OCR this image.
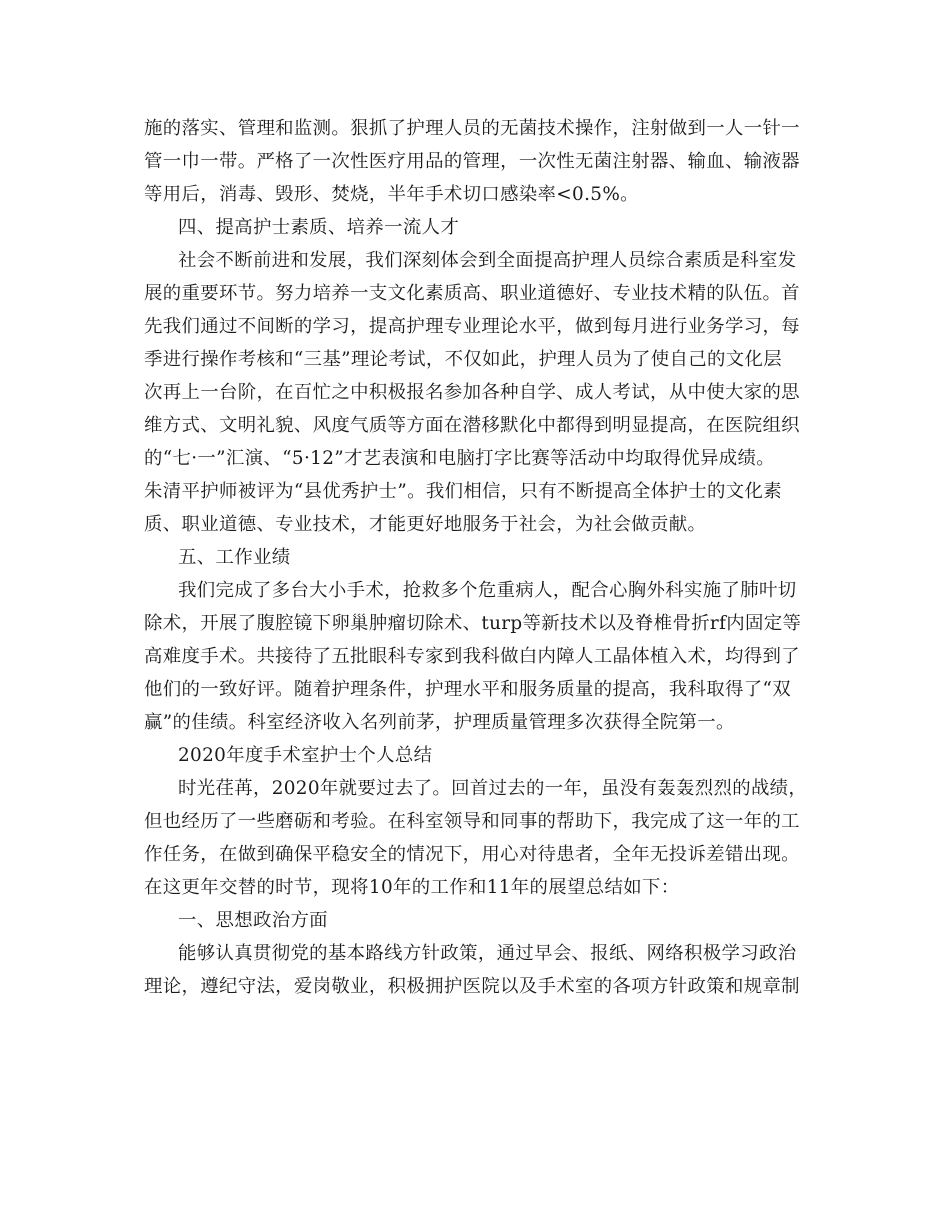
施的落实、管理和监测。狠抓了护理人员的无菌技术操作，注射做到一人一针一
管一巾一带。严格了一次性医疗用品的管理，一次性无菌注射器、输血、输液器
等用后，消毒、毁形、焚烧，半年手术切口感染率<0.5%。
四、提高护士素质、培养一流人才
社会不断前进和发展，我们深刻体会到全面提高护理人员综合素质是科室发
展的重要环节。努力培养一支文化素质高、职业道德好、专业技术精的队伍。首
先我们通过不间断的学习，提高护理专业理论水平，做到每月进行业务学习，每
季进行操作考核和“三基”理论考试，不仅如此，护理人员为了使自己的文化层
次再上一台阶，在百忙之中积极报名参加各种自学、成人考试，从中使大家的思
维方式、文明礼貌、风度气质等方面在潜移默化中都得到明显提高，在医院组织
的“七·一”汇演、“5·12”才艺表演和电脑打字比赛等活动中均取得优异成绩。
朱清平护师被评为“县优秀护士”。我们相信，只有不断提高全体护士的文化素
质、职业道德、专业技术，才能更好地服务于社会，为社会做贡献。
五、工作业绩
我们完成了多台大小手术，抢救多个危重病人，配合心胸外科实施了肺叶切
除术，开展了腹腔镜下卵巢肿瘤切除术、turp等新技术以及脊椎骨折rf内固定等
高难度手术。共接待了五批眼科专家到我科做白内障人工晶体植入术，均得到了
他们的一致好评。随着护理条件，护理水平和服务质量的提高，我科取得了“双
赢”的佳绩。科室经济收入名列前茅，护理质量管理多次获得全院第一。
2020年度手术室护士个人总结
时光荏苒，2020年就要过去了。回首过去的一年，虽没有轰轰烈烈的战绩，
但也经历了一些磨砺和考验。在科室领导和同事的帮助下，我完成了这一年的工
作任务，在做到确保平稳安全的情况下，用心对待患者，全年无投诉差错出现。
在这更年交替的时节，现将10年的工作和11年的展望总结如下：
一、思想政治方面
能够认真贯彻党的基本路线方针政策，通过早会、报纸、网络积极学习政治
理论，遵纪守法，爱岗敬业，积极拥护医院以及手术室的各项方针政策和规章制
